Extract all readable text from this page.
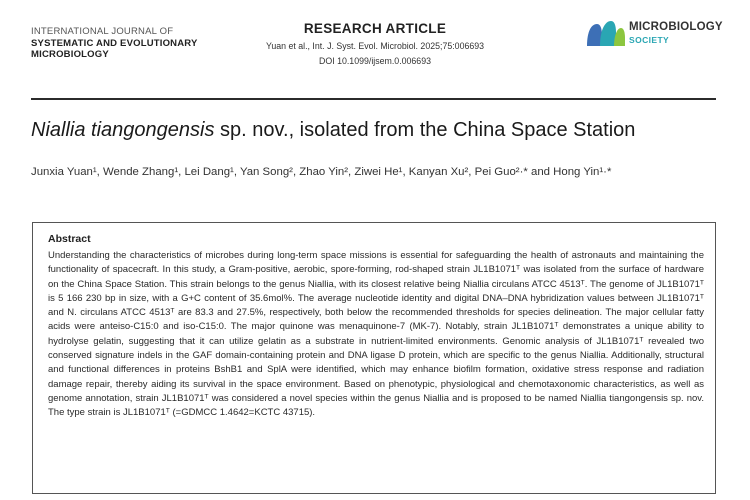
INTERNATIONAL JOURNAL OF
SYSTEMATIC AND EVOLUTIONARY
MICROBIOLOGY
RESEARCH ARTICLE
Yuan et al., Int. J. Syst. Evol. Microbiol. 2025;75:006693
DOI 10.1099/ijsem.0.006693
MICROBIOLOGY
SOCIETY
Niallia tiangongensis sp. nov., isolated from the China Space Station
Junxia Yuan¹, Wende Zhang¹, Lei Dang¹, Yan Song², Zhao Yin², Ziwei He¹, Kanyan Xu², Pei Guo²·* and Hong Yin¹·*
Abstract

Understanding the characteristics of microbes during long-term space missions is essential for safeguarding the health of astronauts and maintaining the functionality of spacecraft. In this study, a Gram-positive, aerobic, spore-forming, rod-shaped strain JL1B1071ᵀ was isolated from the surface of hardware on the China Space Station. This strain belongs to the genus Niallia, with its closest relative being Niallia circulans ATCC 4513ᵀ. The genome of JL1B1071ᵀ is 5 166 230 bp in size, with a G+C content of 35.6mol%. The average nucleotide identity and digital DNA–DNA hybridization values between JL1B1071ᵀ and N. circulans ATCC 4513ᵀ are 83.3 and 27.5%, respectively, both below the recommended thresholds for species delineation. The major cellular fatty acids were anteiso-C15:0 and iso-C15:0. The major quinone was menaquinone-7 (MK-7). Notably, strain JL1B1071ᵀ demonstrates a unique ability to hydrolyse gelatin, suggesting that it can utilize gelatin as a substrate in nutrient-limited environments. Genomic analysis of JL1B1071ᵀ revealed two conserved signature indels in the GAF domain-containing protein and DNA ligase D protein, which are specific to the genus Niallia. Additionally, structural and functional differences in proteins BshB1 and SplA were identified, which may enhance biofilm formation, oxidative stress response and radiation damage repair, thereby aiding its survival in the space environment. Based on phenotypic, physiological and chemotaxonomic characteristics, as well as genome annotation, strain JL1B1071ᵀ was considered a novel species within the genus Niallia and is proposed to be named Niallia tiangongensis sp. nov. The type strain is JL1B1071ᵀ (=GDMCC 1.4642=KCTC 43715).
